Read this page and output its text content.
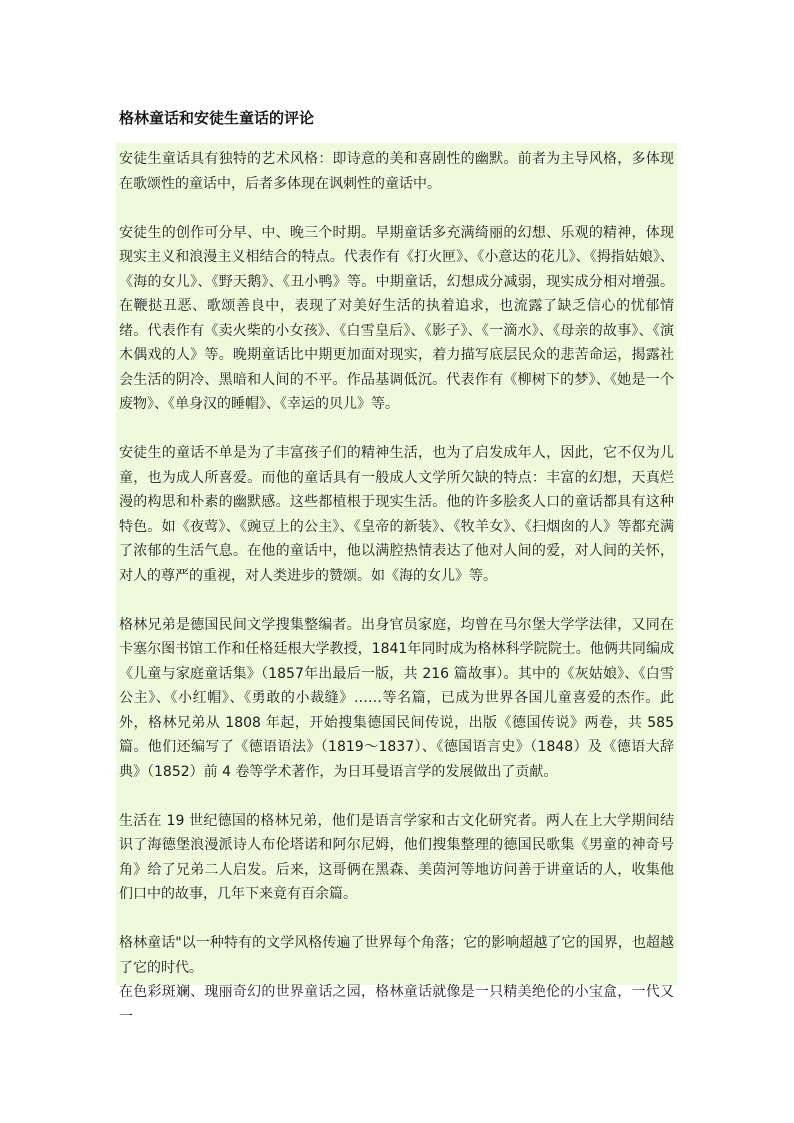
格林童话和安徒生童话的评论

安徒生童话具有独特的艺术风格：即诗意的美和喜剧性的幽默。前者为主导风格，多体现在歌颂性的童话中，后者多体现在讽刺性的童话中。

安徒生的创作可分早、中、晚三个时期。早期童话多充满绮丽的幻想、乐观的精神，体现现实主义和浪漫主义相结合的特点。代表作有《打火匣》、《小意达的花儿》、《拇指姑娘》、《海的女儿》、《野天鹅》、《丑小鸭》等。中期童话，幻想成分减弱，现实成分相对增强。在鞭挞丑恶、歌颂善良中，表现了对美好生活的执着追求，也流露了缺乏信心的忧郁情绪。代表作有《卖火柴的小女孩》、《白雪皇后》、《影子》、《一滴水》、《母亲的故事》、《演木偶戏的人》等。晚期童话比中期更加面对现实，着力描写底层民众的悲苦命运，揭露社会生活的阴冷、黑暗和人间的不平。作品基调低沉。代表作有《柳树下的梦》、《她是一个废物》、《单身汉的睡帽》、《幸运的贝儿》等。

安徒生的童话不单是为了丰富孩子们的精神生活，也为了启发成年人，因此，它不仅为儿童，也为成人所喜爱。而他的童话具有一般成人文学所欠缺的特点：丰富的幻想，天真烂漫的构思和朴素的幽默感。这些都植根于现实生活。他的许多脍炙人口的童话都具有这种特色。如《夜莺》、《豌豆上的公主》、《皇帝的新装》、《牧羊女》、《扫烟囱的人》等都充满了浓郁的生活气息。在他的童话中，他以满腔热情表达了他对人间的爱，对人间的关怀，对人的尊严的重视，对人类进步的赞颂。如《海的女儿》等。

格林兄弟是德国民间文学搜集整编者。出身官员家庭，均曾在马尔堡大学学法律，又同在卡塞尔图书馆工作和任格廷根大学教授，1841年同时成为格林科学院院士。他俩共同编成《儿童与家庭童话集》（1857年出最后一版，共 216 篇故事）。其中的《灰姑娘》、《白雪公主》、《小红帽》、《勇敢的小裁缝》……等名篇，已成为世界各国儿童喜爱的杰作。此外，格林兄弟从 1808 年起，开始搜集德国民间传说，出版《德国传说》两卷，共 585 篇。他们还编写了《德语语法》（1819～1837）、《德国语言史》（1848）及《德语大辞典》（1852）前 4 卷等学术著作，为日耳曼语言学的发展做出了贡献。

生活在 19 世纪德国的格林兄弟，他们是语言学家和古文化研究者。两人在上大学期间结识了海德堡浪漫派诗人布伦塔诺和阿尔尼姆，他们搜集整理的德国民歌集《男童的神奇号角》给了兄弟二人启发。后来，这哥俩在黑森、美茵河等地访问善于讲童话的人，收集他们口中的故事，几年下来竟有百余篇。

格林童话"以一种特有的文学风格传遍了世界每个角落；它的影响超越了它的国界，也超越了它的时代。

在色彩斑斓、瑰丽奇幻的世界童话之园，格林童话就像是一只精美绝伦的小宝盒，一代又一
